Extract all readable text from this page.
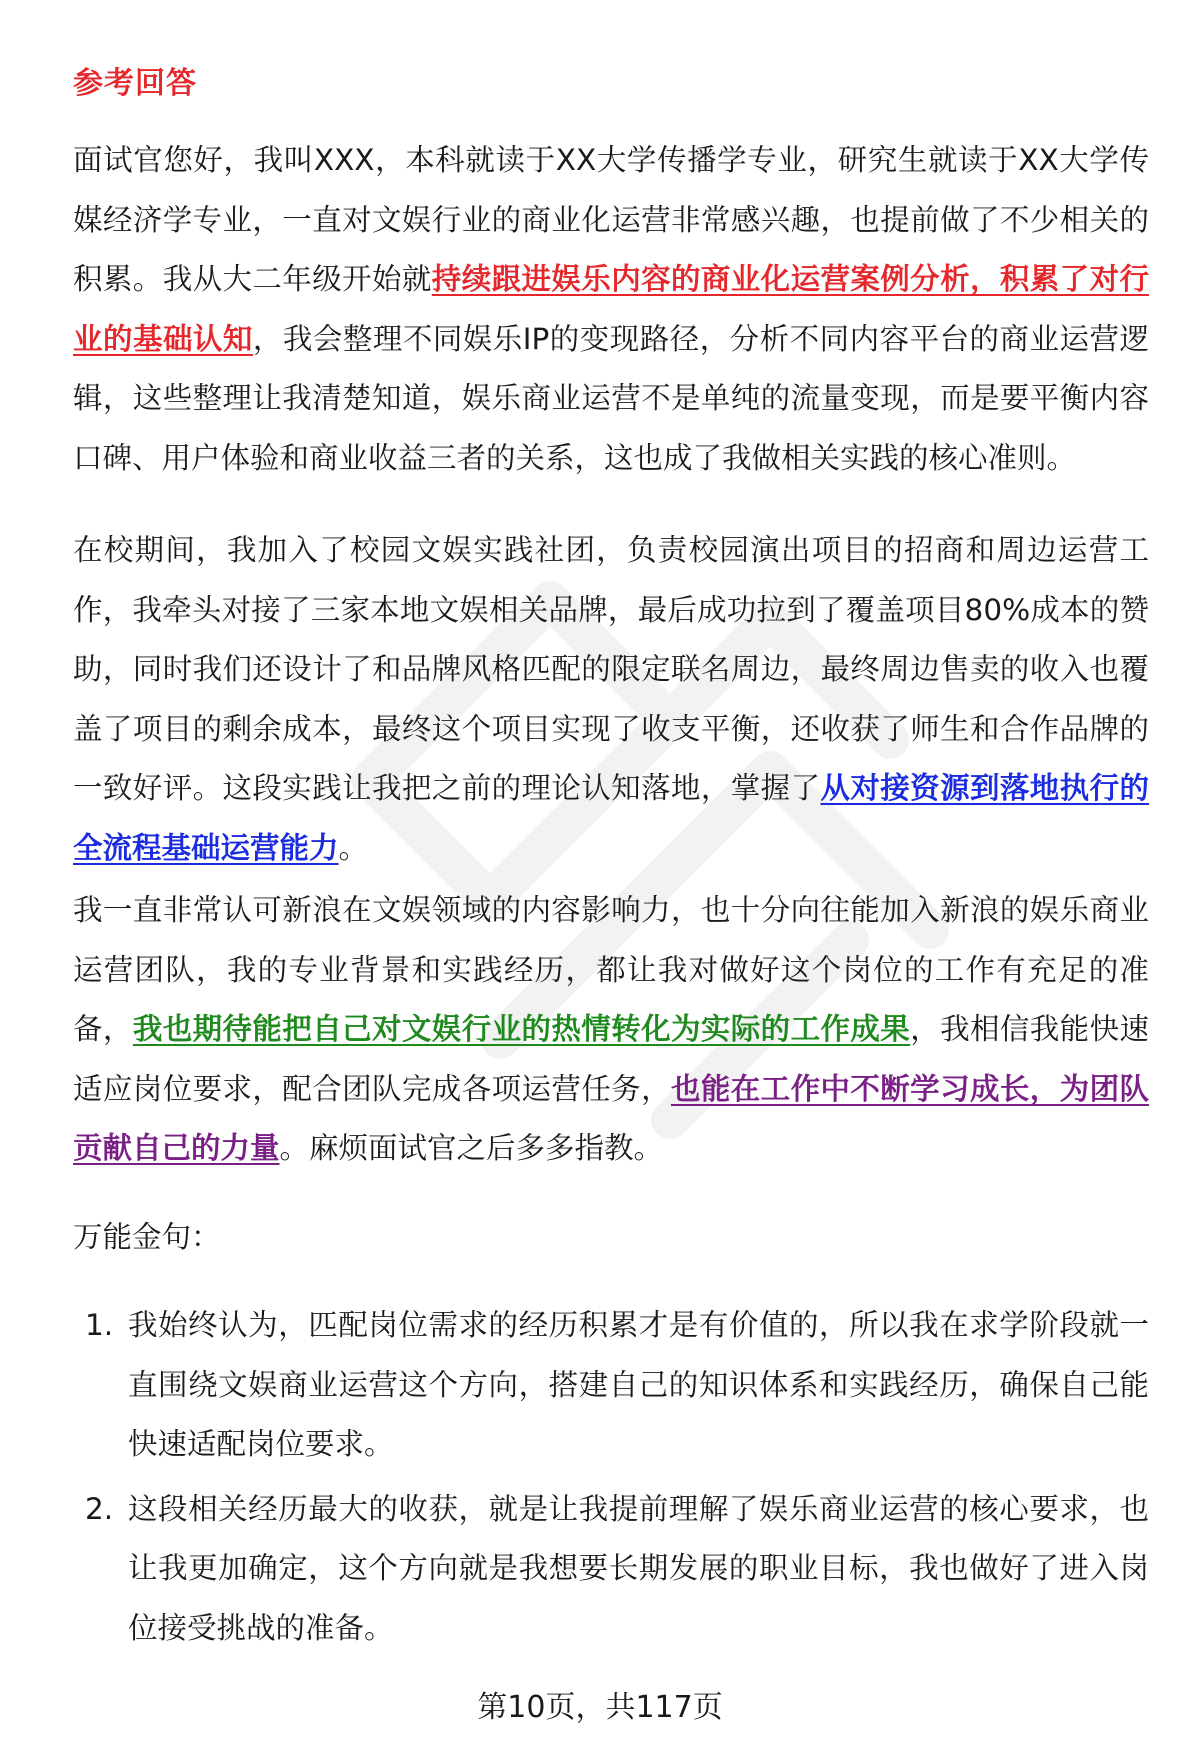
参考回答

面试官您好，我叫XXX，本科就读于XX大学传播学专业，研究生就读于XX大学传媒经济学专业，一直对文娱行业的商业化运营非常感兴趣，也提前做了不少相关的积累。我从大二年级开始就持续跟进娱乐内容的商业化运营案例分析，积累了对行业的基础认知，我会整理不同娱乐IP的变现路径，分析不同内容平台的商业运营逻辑，这些整理让我清楚知道，娱乐商业运营不是单纯的流量变现，而是要平衡内容口碑、用户体验和商业收益三者的关系，这也成了我做相关实践的核心准则。

在校期间，我加入了校园文娱实践社团，负责校园演出项目的招商和周边运营工作，我牵头对接了三家本地文娱相关品牌，最后成功拉到了覆盖项目80%成本的赞助，同时我们还设计了和品牌风格匹配的限定联名周边，最终周边售卖的收入也覆盖了项目的剩余成本，最终这个项目实现了收支平衡，还收获了师生和合作品牌的一致好评。这段实践让我把之前的理论认知落地，掌握了从对接资源到落地执行的全流程基础运营能力。

我一直非常认可新浪在文娱领域的内容影响力，也十分向往能加入新浪的娱乐商业运营团队，我的专业背景和实践经历，都让我对做好这个岗位的工作有充足的准备，我也期待能把自己对文娱行业的热情转化为实际的工作成果，我相信我能快速适应岗位要求，配合团队完成各项运营任务，也能在工作中不断学习成长，为团队贡献自己的力量。麻烦面试官之后多多指教。

万能金句：
1. 我始终认为，匹配岗位需求的经历积累才是有价值的，所以我在求学阶段就一直围绕文娱商业运营这个方向，搭建自己的知识体系和实践经历，确保自己能快速适配岗位要求。
2. 这段相关经历最大的收获，就是让我提前理解了娱乐商业运营的核心要求，也让我更加确定，这个方向就是我想要长期发展的职业目标，我也做好了进入岗位接受挑战的准备。
第10页，共117页
